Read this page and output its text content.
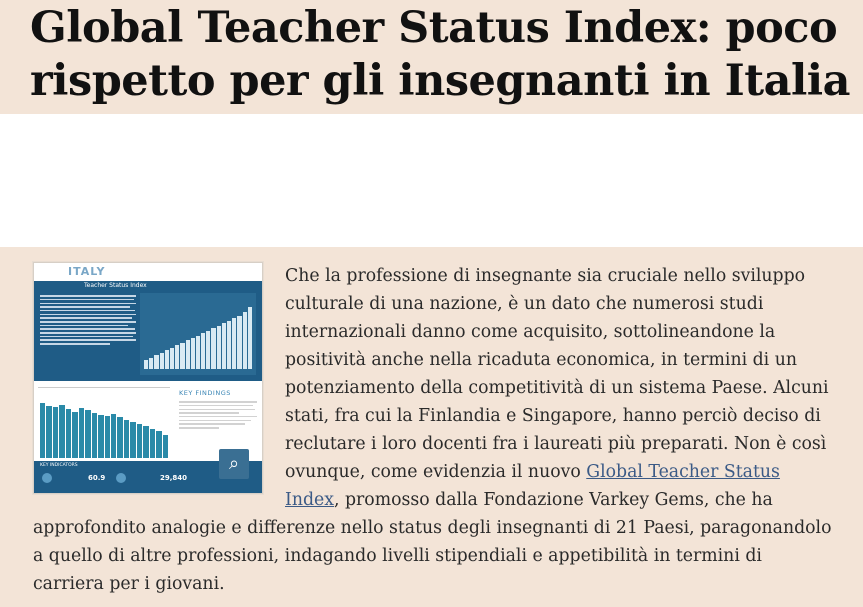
Global Teacher Status Index: poco rispetto per gli insegnanti in Italia
ITALY
Teacher Status Index
KEY FINDINGS
KEY INDICATORS
60.9	29,840
⌕

Che la professione di insegnante sia cruciale nello sviluppo culturale di una nazione, è un dato che numerosi studi internazionali danno come acquisito, sottolineandone la positività anche nella ricaduta economica, in termini di un potenziamento della competitività di un sistema Paese. Alcuni stati, fra cui la Finlandia e Singapore, hanno perciò deciso di reclutare i loro docenti fra i laureati più preparati. Non è così ovunque, come evidenzia il nuovo Global Teacher Status Index, promosso dalla Fondazione Varkey Gems, che ha approfondito analogie e differenze nello status degli insegnanti di 21 Paesi, paragonandolo a quello di altre professioni, indagando livelli stipendiali e appetibilità in termini di carriera per i giovani.
